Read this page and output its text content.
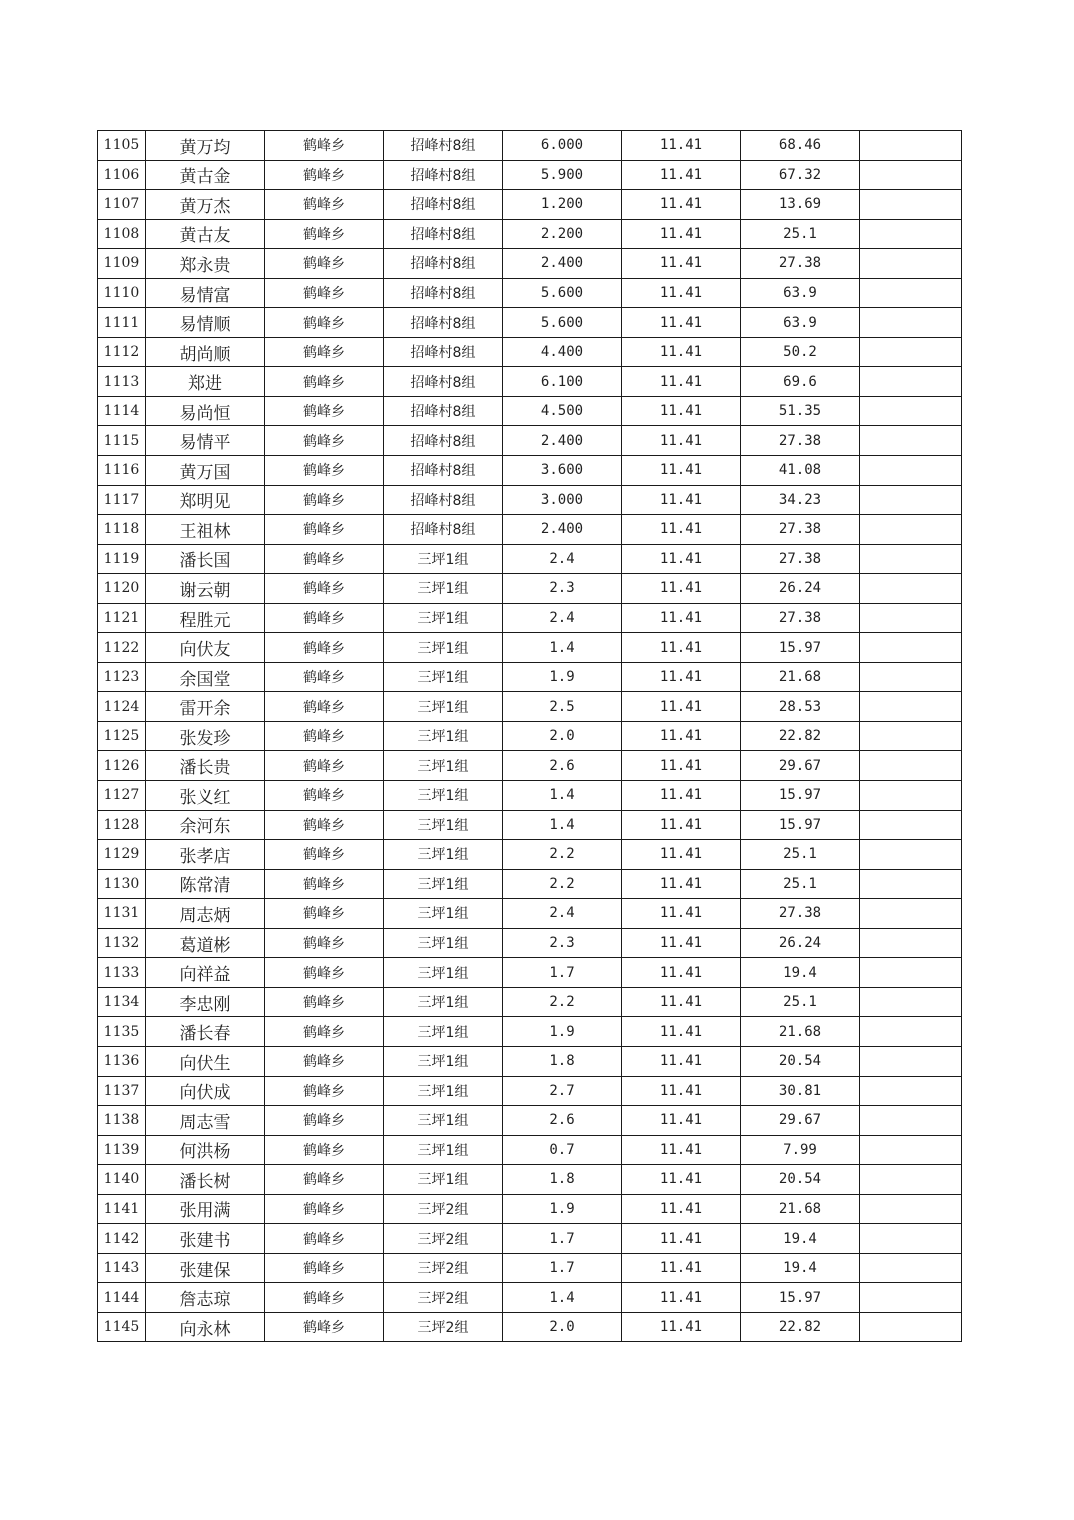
1105	黄万均	鹤峰乡	招峰村8组	6.000	11.41	68.46	
1106	黄古金	鹤峰乡	招峰村8组	5.900	11.41	67.32	
1107	黄万杰	鹤峰乡	招峰村8组	1.200	11.41	13.69	
1108	黄古友	鹤峰乡	招峰村8组	2.200	11.41	25.1	
1109	郑永贵	鹤峰乡	招峰村8组	2.400	11.41	27.38	
1110	易情富	鹤峰乡	招峰村8组	5.600	11.41	63.9	
1111	易情顺	鹤峰乡	招峰村8组	5.600	11.41	63.9	
1112	胡尚顺	鹤峰乡	招峰村8组	4.400	11.41	50.2	
1113	郑进	鹤峰乡	招峰村8组	6.100	11.41	69.6	
1114	易尚恒	鹤峰乡	招峰村8组	4.500	11.41	51.35	
1115	易情平	鹤峰乡	招峰村8组	2.400	11.41	27.38	
1116	黄万国	鹤峰乡	招峰村8组	3.600	11.41	41.08	
1117	郑明见	鹤峰乡	招峰村8组	3.000	11.41	34.23	
1118	王祖林	鹤峰乡	招峰村8组	2.400	11.41	27.38	
1119	潘长国	鹤峰乡	三坪1组	2.4	11.41	27.38	
1120	谢云朝	鹤峰乡	三坪1组	2.3	11.41	26.24	
1121	程胜元	鹤峰乡	三坪1组	2.4	11.41	27.38	
1122	向伏友	鹤峰乡	三坪1组	1.4	11.41	15.97	
1123	余国堂	鹤峰乡	三坪1组	1.9	11.41	21.68	
1124	雷开余	鹤峰乡	三坪1组	2.5	11.41	28.53	
1125	张发珍	鹤峰乡	三坪1组	2.0	11.41	22.82	
1126	潘长贵	鹤峰乡	三坪1组	2.6	11.41	29.67	
1127	张义红	鹤峰乡	三坪1组	1.4	11.41	15.97	
1128	余河东	鹤峰乡	三坪1组	1.4	11.41	15.97	
1129	张孝店	鹤峰乡	三坪1组	2.2	11.41	25.1	
1130	陈常清	鹤峰乡	三坪1组	2.2	11.41	25.1	
1131	周志炳	鹤峰乡	三坪1组	2.4	11.41	27.38	
1132	葛道彬	鹤峰乡	三坪1组	2.3	11.41	26.24	
1133	向祥益	鹤峰乡	三坪1组	1.7	11.41	19.4	
1134	李忠刚	鹤峰乡	三坪1组	2.2	11.41	25.1	
1135	潘长春	鹤峰乡	三坪1组	1.9	11.41	21.68	
1136	向伏生	鹤峰乡	三坪1组	1.8	11.41	20.54	
1137	向伏成	鹤峰乡	三坪1组	2.7	11.41	30.81	
1138	周志雪	鹤峰乡	三坪1组	2.6	11.41	29.67	
1139	何洪杨	鹤峰乡	三坪1组	0.7	11.41	7.99	
1140	潘长树	鹤峰乡	三坪1组	1.8	11.41	20.54	
1141	张用满	鹤峰乡	三坪2组	1.9	11.41	21.68	
1142	张建书	鹤峰乡	三坪2组	1.7	11.41	19.4	
1143	张建保	鹤峰乡	三坪2组	1.7	11.41	19.4	
1144	詹志琼	鹤峰乡	三坪2组	1.4	11.41	15.97	
1145	向永林	鹤峰乡	三坪2组	2.0	11.41	22.82	
